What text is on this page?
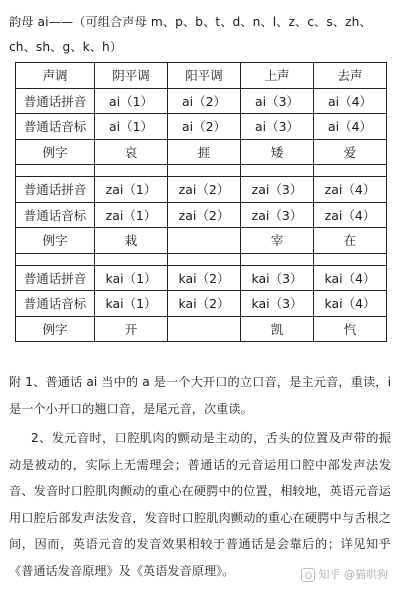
韵母 ai——（可组合声母 m、p、b、t、d、n、l、z、c、s、zh、ch、sh、g、k、h）
声调	阴平调	阳平调	上声	去声
普通话拼音	ai（1）	ai（2）	ai（3）	ai（4）
普通话音标	ai（1）	ai（2）	ai（3）	ai（4）
例字	哀	捱	矮	爱

普通话拼音	zai（1）	zai（2）	zai（3）	zai（4）
普通话音标	zai（1）	zai（2）	zai（3）	zai（4）
例字	栽		宰	在

普通话拼音	kai（1）	kai（2）	kai（3）	kai（4）
普通话音标	kai（1）	kai（2）	kai（3）	kai（4）
例字	开		凯	忾

附 1、普通话 ai 当中的 a 是一个大开口的立口音，是主元音，重读，i 是一个小开口的翘口音，是尾元音，次重读。

2、发元音时，口腔肌肉的颤动是主动的，舌头的位置及声带的振动是被动的，实际上无需理会；普通话的元音运用口腔中部发声法发音、发音时口腔肌肉颤动的重心在硬腭中的位置，相较地，英语元音运用口腔后部发声法发音，发音时口腔肌肉颤动的重心在硬腭中与舌根之间，因而，英语元音的发音效果相较于普通话是会靠后的；详见知乎《普通话发音原理》及《英语发音原理》。	知乎 @猫哄狗
